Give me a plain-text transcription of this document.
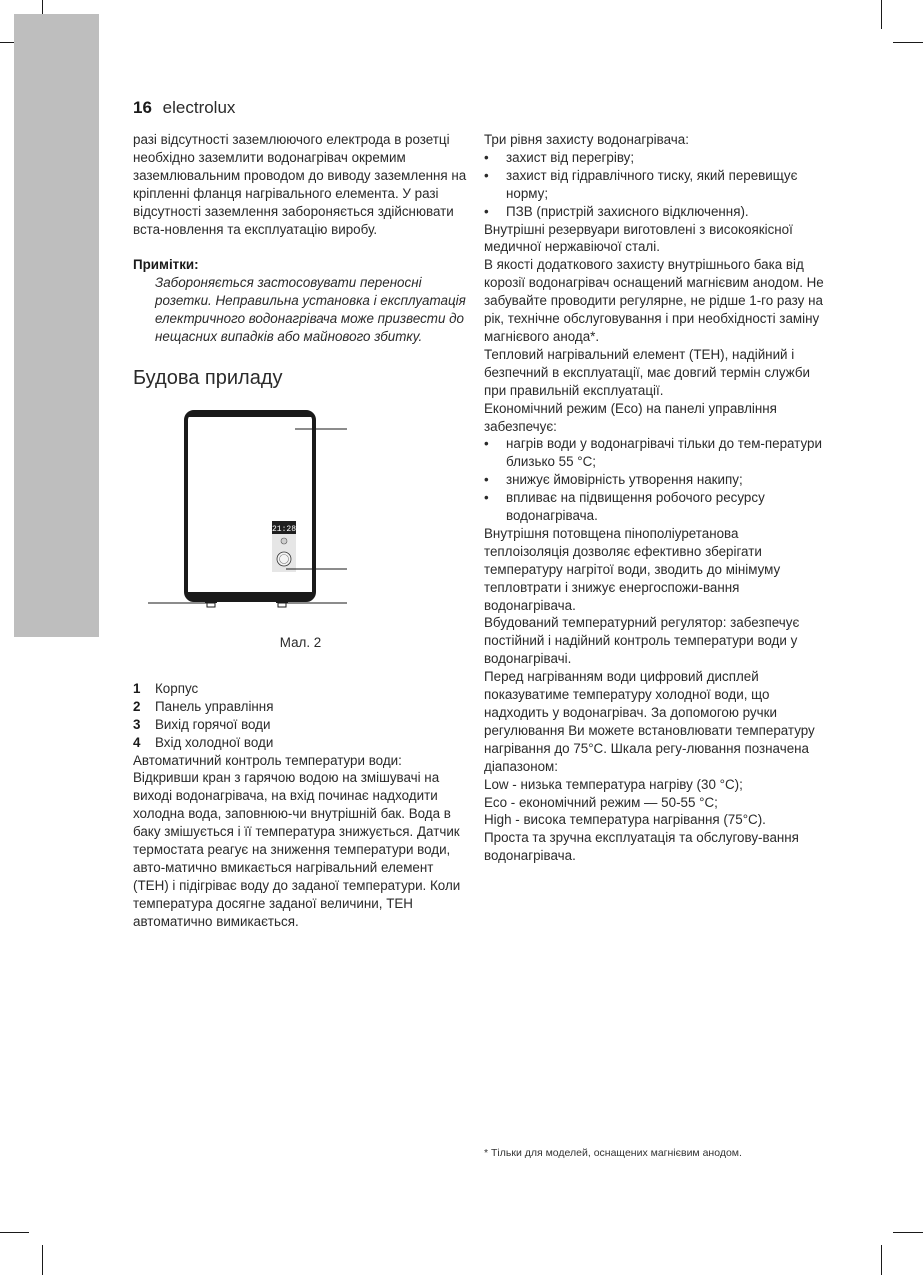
16 electrolux

разі відсутності заземлюючого електрода в розетці необхідно заземлити водонагрівач окремим заземлювальним проводом до виводу заземлення на кріпленні фланця нагрівального елемента. У разі відсутності заземлення забороняється здійснювати вста-новлення та експлуатацію виробу.

Примітки:

Забороняється застосовувати переносні розетки. Неправильна установка і експлуатація електричного водонагрівача може призвести до нещасних випадків або майнового збитку.

Будова приладу

21:28

Мал. 2

1	Корпус
2	Панель управління
3	Вихід горячої води
4	Вхід холодної води

Автоматичний контроль температури води: Відкривши кран з гарячою водою на змішувачі на виході водонагрівача, на вхід починає надходити холодна вода, заповнюю-чи внутрішній бак. Вода в баку змішується і її температура знижується. Датчик термостата реагує на зниження температури води, авто-матично вмикається нагрівальний елемент (ТЕН) і підігріває воду до заданої температури. Коли температура досягне заданої величини, ТЕН автоматично вимикається.

Три рівня захисту водонагрівача:

• захист від перегріву;
• захист від гідравлічного тиску, який перевищує норму;
• ПЗВ (пристрій захисного відключення).

Внутрішні резервуари виготовлені з високоякісної медичної нержавіючої сталі.

В якості додаткового захисту внутрішнього бака від корозії водонагрівач оснащений магнієвим анодом. Не забувайте проводити регулярне, не рідше 1-го разу на рік, технічне обслуговування і при необхідності заміну магнієвого анода*.

Тепловий нагрівальний елемент (ТЕН), надійний і безпечний в експлуатації, має довгий термін служби при правильній експлуатації.

Економічний режим (Eco) на панелі управління забезпечує:

• нагрів води у водонагрівачі тільки до тем-ператури близько 55 °C;
• знижує ймовірність утворення накипу;
• впливає на підвищення робочого ресурсу водонагрівача.

Внутрішня потовщена пінополіуретанова теплоізоляція дозволяє ефективно зберігати температуру нагрітої води, зводить до мінімуму тепловтрати і знижує енергоспожи-вання водонагрівача.

Вбудований температурний регулятор: забезпечує постійний і надійний контроль температури води у водонагрівачі.

Перед нагріванням води цифровий дисплей показуватиме температуру холодної води, що надходить у водонагрівач. За допомогою ручки регулювання Ви можете встановлювати температуру нагрівання до 75°C. Шкала регу-лювання позначена діапазоном:

Low - низька температура нагріву (30 °C);

Eco - економічний режим — 50-55 °C;

High - висока температура нагрівання (75°C).

Проста та зручна експлуатація та обслугову-вання водонагрівача.

* Тільки для моделей, оснащених магнієвим анодом.
